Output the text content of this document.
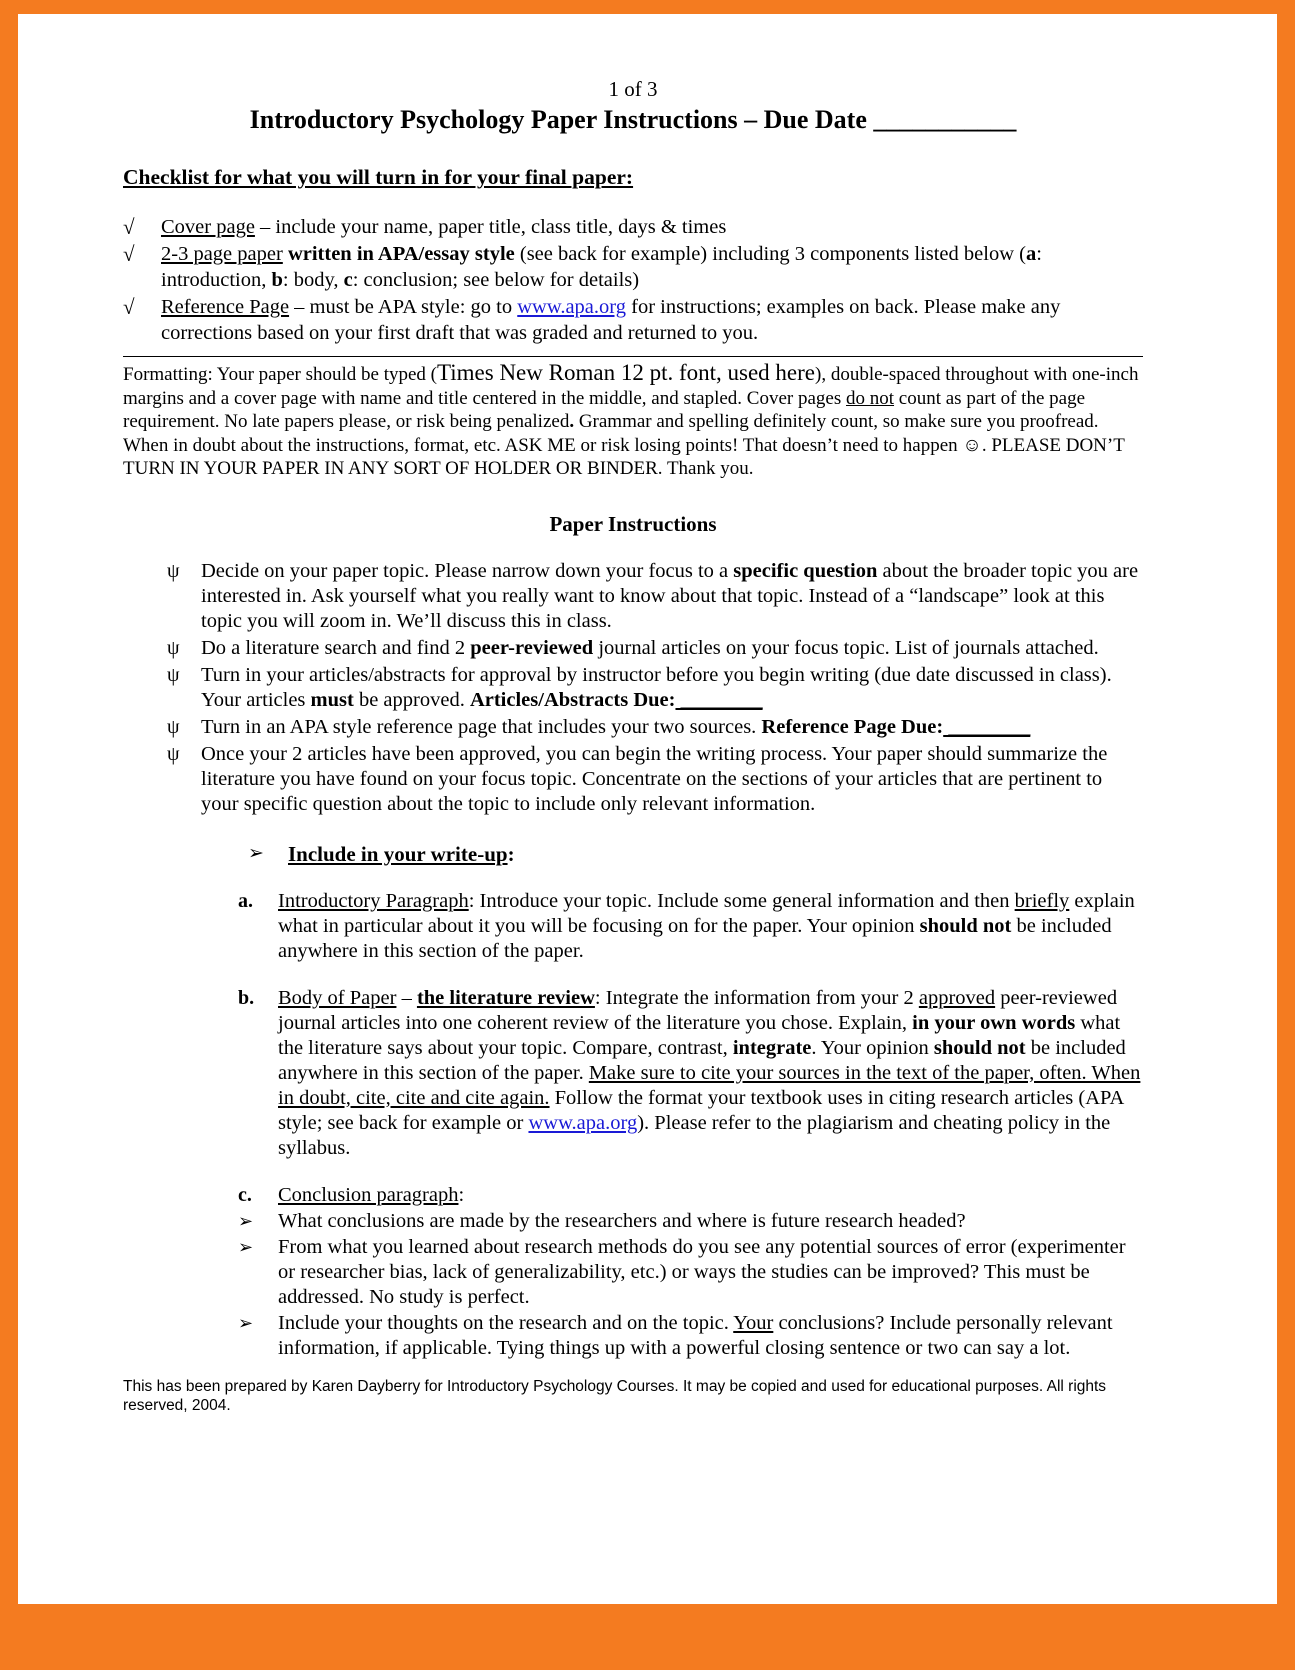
1 of 3
Introductory Psychology Paper Instructions – Due Date ___________
Checklist for what you will turn in for your final paper:
√	Cover page – include your name, paper title, class title, days & times
√	2-3 page paper written in APA/essay style (see back for example) including 3 components listed below (a: introduction, b: body, c: conclusion; see below for details)
√	Reference Page – must be APA style: go to www.apa.org for instructions; examples on back. Please make any corrections based on your first draft that was graded and returned to you.

Formatting: Your paper should be typed (Times New Roman 12 pt. font, used here), double-spaced throughout with one-inch margins and a cover page with name and title centered in the middle, and stapled. Cover pages do not count as part of the page requirement. No late papers please, or risk being penalized. Grammar and spelling definitely count, so make sure you proofread. When in doubt about the instructions, format, etc. ASK ME or risk losing points! That doesn’t need to happen ☺. PLEASE DON’T TURN IN YOUR PAPER IN ANY SORT OF HOLDER OR BINDER. Thank you.

Paper Instructions
ψ	Decide on your paper topic. Please narrow down your focus to a specific question about the broader topic you are interested in. Ask yourself what you really want to know about that topic. Instead of a “landscape” look at this topic you will zoom in. We’ll discuss this in class.
ψ	Do a literature search and find 2 peer-reviewed journal articles on your focus topic. List of journals attached.
ψ	Turn in your articles/abstracts for approval by instructor before you begin writing (due date discussed in class). Your articles must be approved. Articles/Abstracts Due: ________
ψ	Turn in an APA style reference page that includes your two sources. Reference Page Due: ________
ψ	Once your 2 articles have been approved, you can begin the writing process. Your paper should summarize the literature you have found on your focus topic. Concentrate on the sections of your articles that are pertinent to your specific question about the topic to include only relevant information.
➢	Include in your write-up:
a.	Introductory Paragraph: Introduce your topic. Include some general information and then briefly explain what in particular about it you will be focusing on for the paper. Your opinion should not be included anywhere in this section of the paper.
b.	Body of Paper – the literature review: Integrate the information from your 2 approved peer-reviewed journal articles into one coherent review of the literature you chose. Explain, in your own words what the literature says about your topic. Compare, contrast, integrate. Your opinion should not be included anywhere in this section of the paper. Make sure to cite your sources in the text of the paper, often. When in doubt, cite, cite and cite again. Follow the format your textbook uses in citing research articles (APA style; see back for example or www.apa.org). Please refer to the plagiarism and cheating policy in the syllabus.
c.	Conclusion paragraph:
➢	What conclusions are made by the researchers and where is future research headed?
➢	From what you learned about research methods do you see any potential sources of error (experimenter or researcher bias, lack of generalizability, etc.) or ways the studies can be improved? This must be addressed. No study is perfect.
➢	Include your thoughts on the research and on the topic. Your conclusions? Include personally relevant information, if applicable. Tying things up with a powerful closing sentence or two can say a lot.
This has been prepared by Karen Dayberry for Introductory Psychology Courses. It may be copied and used for educational purposes. All rights reserved, 2004.
